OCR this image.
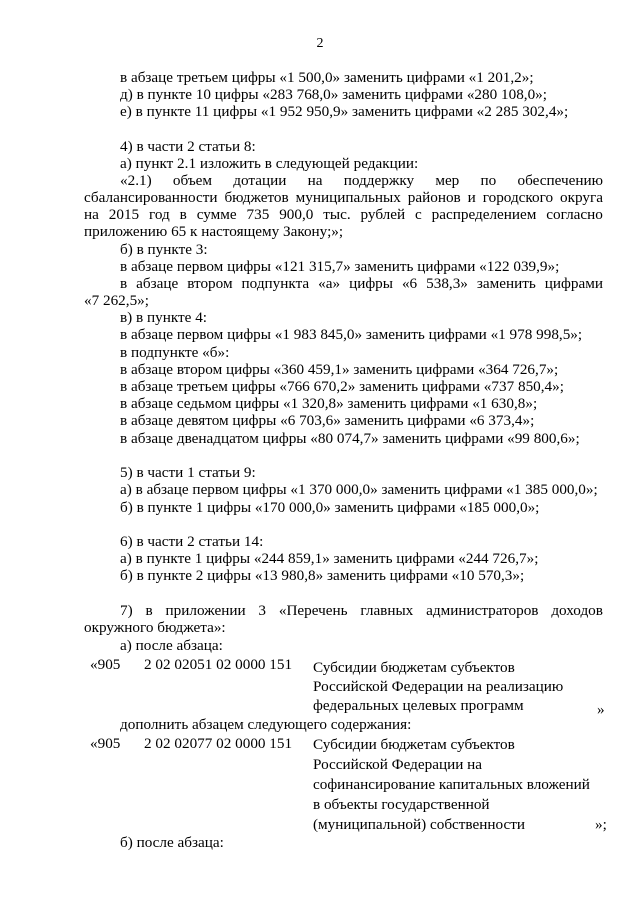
2
в абзаце третьем цифры «1 500,0» заменить цифрами «1 201,2»;
д) в пункте 10 цифры «283 768,0» заменить цифрами «280 108,0»;
е) в пункте 11 цифры «1 952 950,9» заменить цифрами «2 285 302,4»;
4) в части 2 статьи 8:
а) пункт 2.1 изложить в следующей редакции:
«2.1) объем дотации на поддержку мер по обеспечению
сбалансированности бюджетов муниципальных районов и городского округа
на 2015 год в сумме 735 900,0 тыс. рублей с распределением согласно
приложению 65 к настоящему Закону;»;
б) в пункте 3:
в абзаце первом цифры «121 315,7» заменить цифрами «122 039,9»;
в абзаце втором подпункта «а» цифры «6 538,3» заменить цифрами
«7 262,5»;
в) в пункте 4:
в абзаце первом цифры «1 983 845,0» заменить цифрами «1 978 998,5»;
в подпункте «б»:
в абзаце втором цифры «360 459,1» заменить цифрами «364 726,7»;
в абзаце третьем цифры «766 670,2» заменить цифрами «737 850,4»;
в абзаце седьмом цифры «1 320,8» заменить цифрами «1 630,8»;
в абзаце девятом цифры «6 703,6» заменить цифрами «6 373,4»;
в абзаце двенадцатом цифры «80 074,7» заменить цифрами «99 800,6»;
5) в части 1 статьи 9:
а) в абзаце первом цифры «1 370 000,0» заменить цифрами «1 385 000,0»;
б) в пункте 1 цифры «170 000,0» заменить цифрами «185 000,0»;
6) в части 2 статьи 14:
а) в пункте 1 цифры «244 859,1» заменить цифрами «244 726,7»;
б) в пункте 2 цифры «13 980,8» заменить цифрами «10 570,3»;
7) в приложении 3 «Перечень главных администраторов доходов
окружного бюджета»:
а) после абзаца:
«905 2 02 02051 02 0000 151 Субсидии бюджетам субъектов
Российской Федерации на реализацию
федеральных целевых программ	»
дополнить абзацем следующего содержания:
«905 2 02 02077 02 0000 151 Субсидии бюджетам субъектов
Российской Федерации на
софинансирование капитальных вложений
в объекты государственной
(муниципальной) собственности	»;
б) после абзаца:
